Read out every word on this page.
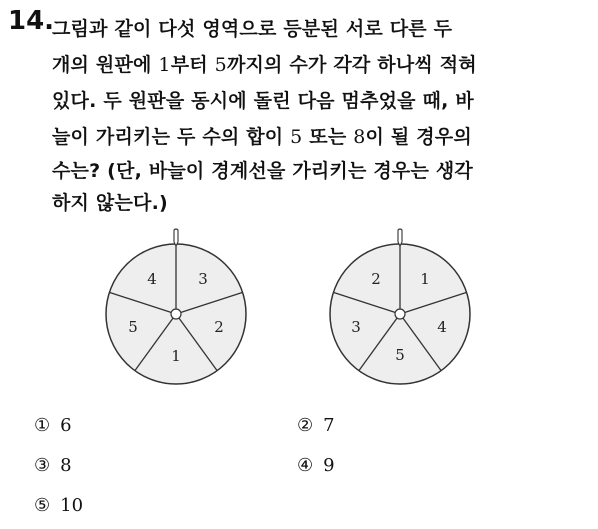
14.
그림과 같이 다섯 영역으로 등분된 서로 다른 두
개의 원판에 1부터 5까지의 수가 각각 하나씩 적혀
있다. 두 원판을 동시에 돌린 다음 멈추었을 때, 바
늘이 가리키는 두 수의 합이 5 또는 8이 될 경우의
수는? (단, 바늘이 경계선을 가리키는 경우는 생각
하지 않는다.)
3
2
1
5
4	1
4
5
3
2
① 6	② 7
③ 8	④ 9
⑤ 10
